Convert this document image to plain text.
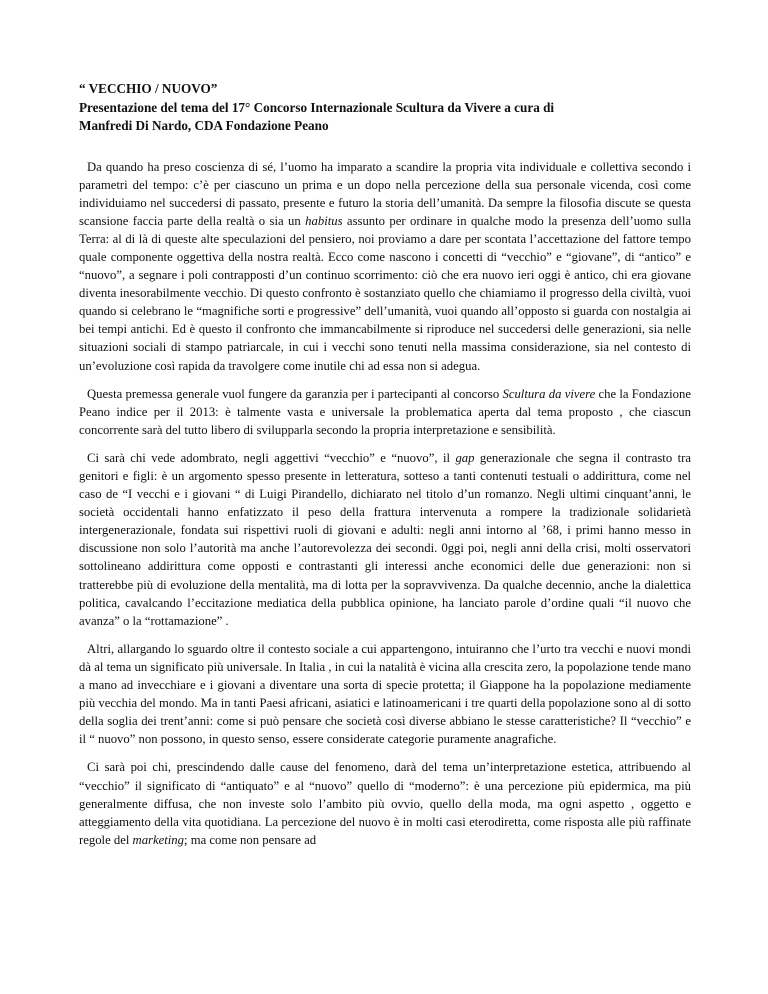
“ VECCHIO / NUOVO”
Presentazione del tema del 17° Concorso Internazionale Scultura da Vivere a cura di
Manfredi Di Nardo, CDA Fondazione Peano

Da quando ha preso coscienza di sé, l’uomo ha imparato a scandire la propria vita individuale e collettiva secondo i parametri del tempo: c’è per ciascuno un prima e un dopo nella percezione della sua personale vicenda, così come individuiamo nel succedersi di passato, presente e futuro la storia dell’umanità. Da sempre la filosofia discute se questa scansione faccia parte della realtà o sia un habitus assunto per ordinare in qualche modo la presenza dell’uomo sulla Terra: al di là di queste alte speculazioni del pensiero, noi proviamo a dare per scontata l’accettazione del fattore tempo quale componente oggettiva della nostra realtà. Ecco come nascono i concetti di “vecchio” e “giovane”, di “antico” e “nuovo”, a segnare i poli contrapposti d’un continuo scorrimento: ciò che era nuovo ieri oggi è antico, chi era giovane diventa inesorabilmente vecchio. Di questo confronto è sostanziato quello che chiamiamo il progresso della civiltà, vuoi quando si celebrano le “magnifiche sorti e progressive” dell’umanità, vuoi quando all’opposto si guarda con nostalgia ai bei tempi antichi. Ed è questo il confronto che immancabilmente si riproduce nel succedersi delle generazioni, sia nelle situazioni sociali di stampo patriarcale, in cui i vecchi sono tenuti nella massima considerazione, sia nel contesto di un’evoluzione così rapida da travolgere come inutile chi ad essa non si adegua.

Questa premessa generale vuol fungere da garanzia per i partecipanti al concorso Scultura da vivere che la Fondazione Peano indice per il 2013: è talmente vasta e universale la problematica aperta dal tema proposto , che ciascun concorrente sarà del tutto libero di svilupparla secondo la propria interpretazione e sensibilità.

Ci sarà chi vede adombrato, negli aggettivi “vecchio” e “nuovo”, il gap generazionale che segna il contrasto tra genitori e figli: è un argomento spesso presente in letteratura, sotteso a tanti contenuti testuali o addirittura, come nel caso de “I vecchi e i giovani “ di Luigi Pirandello, dichiarato nel titolo d’un romanzo. Negli ultimi cinquant’anni, le società occidentali hanno enfatizzato il peso della frattura intervenuta a rompere la tradizionale solidarietà intergenerazionale, fondata sui rispettivi ruoli di giovani e adulti: negli anni intorno al ’68, i primi hanno messo in discussione non solo l’autorità ma anche l’autorevolezza dei secondi. 0ggi poi, negli anni della crisi, molti osservatori sottolineano addirittura come opposti e contrastanti gli interessi anche economici delle due generazioni: non si tratterebbe più di evoluzione della mentalità, ma di lotta per la sopravvivenza. Da qualche decennio, anche la dialettica politica, cavalcando l’eccitazione mediatica della pubblica opinione, ha lanciato parole d’ordine quali “il nuovo che avanza” o la “rottamazione” .

Altri, allargando lo sguardo oltre il contesto sociale a cui appartengono, intuiranno che l’urto tra vecchi e nuovi mondi dà al tema un significato più universale. In Italia , in cui la natalità è vicina alla crescita zero, la popolazione tende mano a mano ad invecchiare e i giovani a diventare una sorta di specie protetta; il Giappone ha la popolazione mediamente più vecchia del mondo. Ma in tanti Paesi africani, asiatici e latinoamericani i tre quarti della popolazione sono al di sotto della soglia dei trent’anni: come si può pensare che società così diverse abbiano le stesse caratteristiche? Il “vecchio” e il “ nuovo” non possono, in questo senso, essere considerate categorie puramente anagrafiche.

Ci sarà poi chi, prescindendo dalle cause del fenomeno, darà del tema un’interpretazione estetica, attribuendo al “vecchio” il significato di “antiquato” e al “nuovo” quello di “moderno”: è una percezione più epidermica, ma più generalmente diffusa, che non investe solo l’ambito più ovvio, quello della moda, ma ogni aspetto , oggetto e atteggiamento della vita quotidiana. La percezione del nuovo è in molti casi eterodiretta, come risposta alle più raffinate regole del marketing; ma come non pensare ad
